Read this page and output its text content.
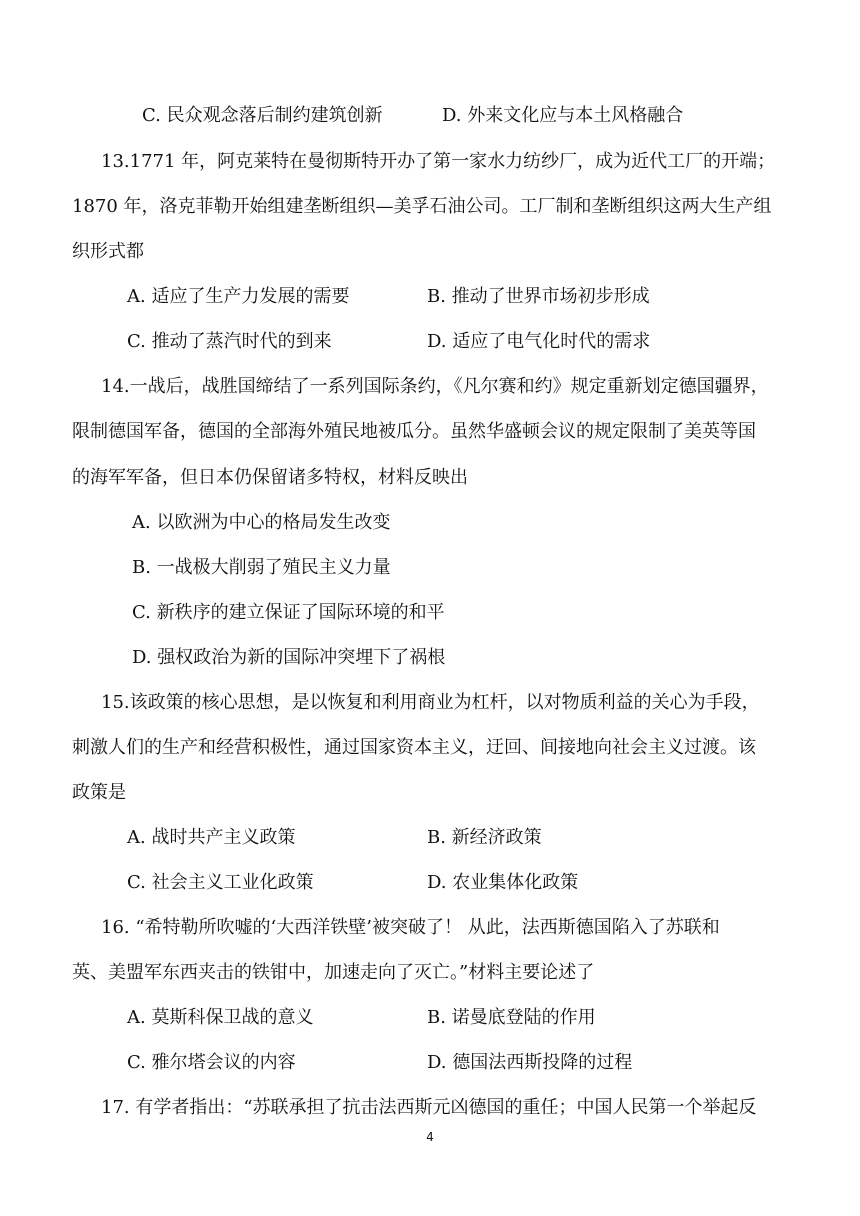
C. 民众观念落后制约建筑创新	D. 外来文化应与本土风格融合
13.1771 年，阿克莱特在曼彻斯特开办了第一家水力纺纱厂，成为近代工厂的开端；
1870 年，洛克菲勒开始组建垄断组织—美孚石油公司。工厂制和垄断组织这两大生产组
织形式都
A. 适应了生产力发展的需要	B. 推动了世界市场初步形成
C. 推动了蒸汽时代的到来	D. 适应了电气化时代的需求
14.一战后，战胜国缔结了一系列国际条约，《凡尔赛和约》规定重新划定德国疆界，
限制德国军备，德国的全部海外殖民地被瓜分。虽然华盛顿会议的规定限制了美英等国
的海军军备，但日本仍保留诸多特权，材料反映出
A. 以欧洲为中心的格局发生改变
B. 一战极大削弱了殖民主义力量
C. 新秩序的建立保证了国际环境的和平
D. 强权政治为新的国际冲突埋下了祸根
15.该政策的核心思想，是以恢复和利用商业为杠杆，以对物质利益的关心为手段，
刺激人们的生产和经营积极性，通过国家资本主义，迂回、间接地向社会主义过渡。该
政策是
A. 战时共产主义政策	B. 新经济政策
C. 社会主义工业化政策	D. 农业集体化政策
16. “希特勒所吹嘘的‘大西洋铁壁’被突破了！ 从此，法西斯德国陷入了苏联和
英、美盟军东西夹击的铁钳中，加速走向了灭亡。”材料主要论述了
A. 莫斯科保卫战的意义	B. 诺曼底登陆的作用
C. 雅尔塔会议的内容	D. 德国法西斯投降的过程
17. 有学者指出：“苏联承担了抗击法西斯元凶德国的重任；中国人民第一个举起反
4
